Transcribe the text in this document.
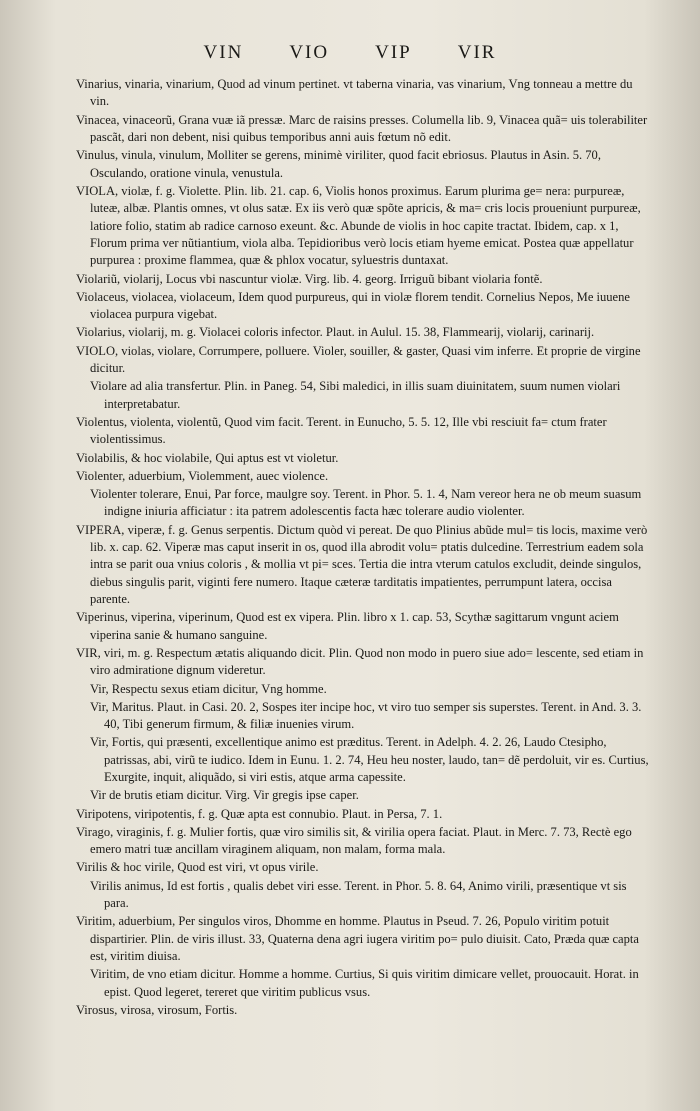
VIN VIO VIP VIR

Vinarius, vinaria, vinarium, Quod ad vinum pertinet. vt taberna vinaria, vas vinarium, Vng tonneau a mettre du vin.

Vinacea, vinaceorũ, Grana vuæ iã pressæ. Marc de raisins presses. Columella lib. 9, Vinacea quã= uis tolerabiliter pascãt, dari non debent, nisi quibus temporibus anni auis fœtum nõ edit.

Vinulus, vinula, vinulum, Molliter se gerens, minimè viriliter, quod facit ebriosus. Plautus in Asin. 5. 70, Osculando, oratione vinula, venustula.

VIOLA, violæ, f. g. Violette. Plin. lib. 21. cap. 6, Violis honos proximus. Earum plurima ge= nera: purpureæ, luteæ, albæ. Plantis omnes, vt olus satæ. Ex iis verò quæ spõte apricis, & ma= cris locis proueniunt purpureæ, latiore folio, statim ab radice carnoso exeunt. &c. Abunde de violis in hoc capite tractat. Ibidem, cap. x 1, Florum prima ver nũtiantium, viola alba. Tepidioribus verò locis etiam hyeme emicat. Postea quæ appellatur purpurea : proxime flammea, quæ & phlox vocatur, syluestris duntaxat.

Violariũ, violarij, Locus vbi nascuntur violæ. Virg. lib. 4. georg. Irriguũ bibant violaria fontẽ.

Violaceus, violacea, violaceum, Idem quod purpureus, qui in violæ florem tendit. Cornelius Nepos, Me iuuene violacea purpura vigebat.

Violarius, violarij, m. g. Violacei coloris infector. Plaut. in Aulul. 15. 38, Flammearij, violarij, carinarij.

VIOLO, violas, violare, Corrumpere, polluere. Violer, souiller, & gaster, Quasi vim inferre. Et proprie de virgine dicitur.

Violare ad alia transfertur. Plin. in Paneg. 54, Sibi maledici, in illis suam diuinitatem, suum numen violari interpretabatur.

Violentus, violenta, violentũ, Quod vim facit. Terent. in Eunucho, 5. 5. 12, Ille vbi resciuit fa= ctum frater violentissimus.

Violabilis, & hoc violabile, Qui aptus est vt violetur.

Violenter, aduerbium, Violemment, auec violence.

Violenter tolerare, Enui, Par force, maulgre soy. Terent. in Phor. 5. 1. 4, Nam vereor hera ne ob meum suasum indigne iniuria afficiatur : ita patrem adolescentis facta hæc tolerare audio violenter.

VIPERA, viperæ, f. g. Genus serpentis. Dictum quòd vi pereat. De quo Plinius abũde mul= tis locis, maxime verò lib. x. cap. 62. Viperæ mas caput inserit in os, quod illa abrodit volu= ptatis dulcedine. Terrestrium eadem sola intra se parit oua vnius coloris , & mollia vt pi= sces. Tertia die intra vterum catulos excludit, deinde singulos, diebus singulis parit, viginti fere numero. Itaque cæteræ tarditatis impatientes, perrumpunt latera, occisa parente.

Viperinus, viperina, viperinum, Quod est ex vipera. Plin. libro x 1. cap. 53, Scythæ sagittarum vngunt aciem viperina sanie & humano sanguine.

VIR, viri, m. g. Respectum ætatis aliquando dicit. Plin. Quod non modo in puero siue ado= lescente, sed etiam in viro admiratione dignum videretur.

Vir, Respectu sexus etiam dicitur, Vng homme.

Vir, Maritus. Plaut. in Casi. 20. 2, Sospes iter incipe hoc, vt viro tuo semper sis superstes. Terent. in And. 3. 3. 40, Tibi generum firmum, & filiæ inuenies virum.

Vir, Fortis, qui præsenti, excellentique animo est præditus. Terent. in Adelph. 4. 2. 26, Laudo Ctesipho, patrissas, abi, virũ te iudico. Idem in Eunu. 1. 2. 74, Heu heu noster, laudo, tan= dẽ perdoluit, vir es. Curtius, Exurgite, inquit, aliquãdo, si viri estis, atque arma capessite.

Vir de brutis etiam dicitur. Virg. Vir gregis ipse caper.

Viripotens, viripotentis, f. g. Quæ apta est connubio. Plaut. in Persa, 7. 1.

Virago, viraginis, f. g. Mulier fortis, quæ viro similis sit, & virilia opera faciat. Plaut. in Merc. 7. 73, Rectè ego emero matri tuæ ancillam viraginem aliquam, non malam, forma mala.

Virilis & hoc virile, Quod est viri, vt opus virile.

Virilis animus, Id est fortis , qualis debet viri esse. Terent. in Phor. 5. 8. 64, Animo virili, præsentique vt sis para.

Viritim, aduerbium, Per singulos viros, Dhomme en homme. Plautus in Pseud. 7. 26, Populo viritim potuit dispartirier. Plin. de viris illust. 33, Quaterna dena agri iugera viritim po= pulo diuisit. Cato, Præda quæ capta est, viritim diuisa.

Viritim, de vno etiam dicitur. Homme a homme. Curtius, Si quis viritim dimicare vellet, prouocauit. Horat. in epist. Quod legeret, tereret que viritim publicus vsus.

Virosus, virosa, virosum, Fortis.
